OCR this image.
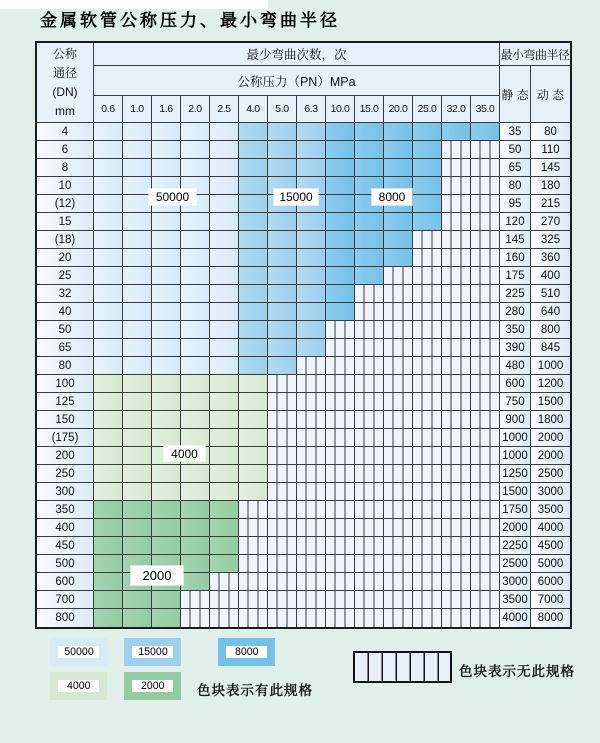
金属软管公称压力、最小弯曲半径
公称
通径
(DN)
mm
最少弯曲次数，次	最小弯曲半径
公称压力（PN）MPa
静 态 动 态
0.6	1.0	1.6	2.0	2.5	4.0	5.0	6.3	10.0 15.0 20.0 25.0 32.0 35.0
4	35	80
6	50	110
8	65	145
10	80	180
(12)	95	215
15	120	270
(18)	145	325
20	160	360
25	175	400
32	225	510
40	280	640
50	350	800
65	390	845
80	480	1000
100	600	1200
125	750	1500
150	900	1800
(175)	1000 2000
200	1000 2000
250	1250 2500
300	1500 3000
350	1750 3500
400	2000 4000
450	2250 4500
500	2500 5000
600	3000 6000
700	3500 7000
800	4000 8000
50000	15000	8000
4000
2000
50000	15000	8000
4000	2000 色块表示有此规格
色块表示无此规格
